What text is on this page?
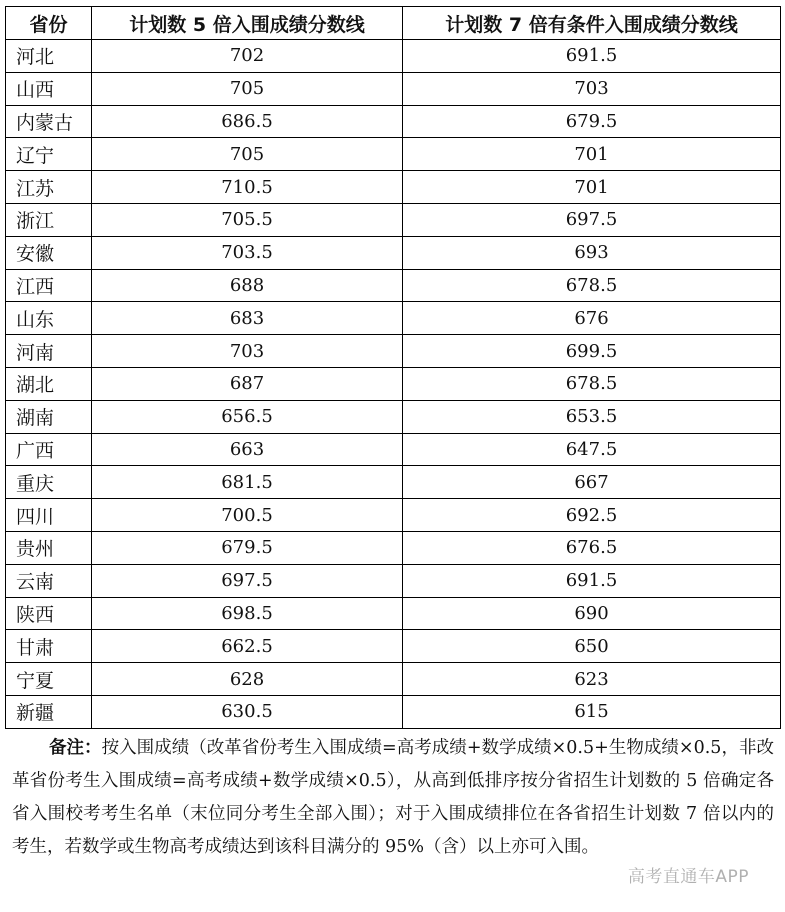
省份	计划数 5 倍入围成绩分数线	计划数 7 倍有条件入围成绩分数线
河北	702	691.5
山西	705	703
内蒙古	686.5	679.5
辽宁	705	701
江苏	710.5	701
浙江	705.5	697.5
安徽	703.5	693
江西	688	678.5
山东	683	676
河南	703	699.5
湖北	687	678.5
湖南	656.5	653.5
广西	663	647.5
重庆	681.5	667
四川	700.5	692.5
贵州	679.5	676.5
云南	697.5	691.5
陕西	698.5	690
甘肃	662.5	650
宁夏	628	623
新疆	630.5	615
备注：按入围成绩（改革省份考生入围成绩=高考成绩+数学成绩×0.5+生物成绩×0.5，非改革省份考生入围成绩=高考成绩+数学成绩×0.5），从高到低排序按分省招生计划数的 5 倍确定各省入围校考考生名单（末位同分考生全部入围）；对于入围成绩排位在各省招生计划数 7 倍以内的考生，若数学或生物高考成绩达到该科目满分的 95%（含）以上亦可入围。
高考直通车APP
